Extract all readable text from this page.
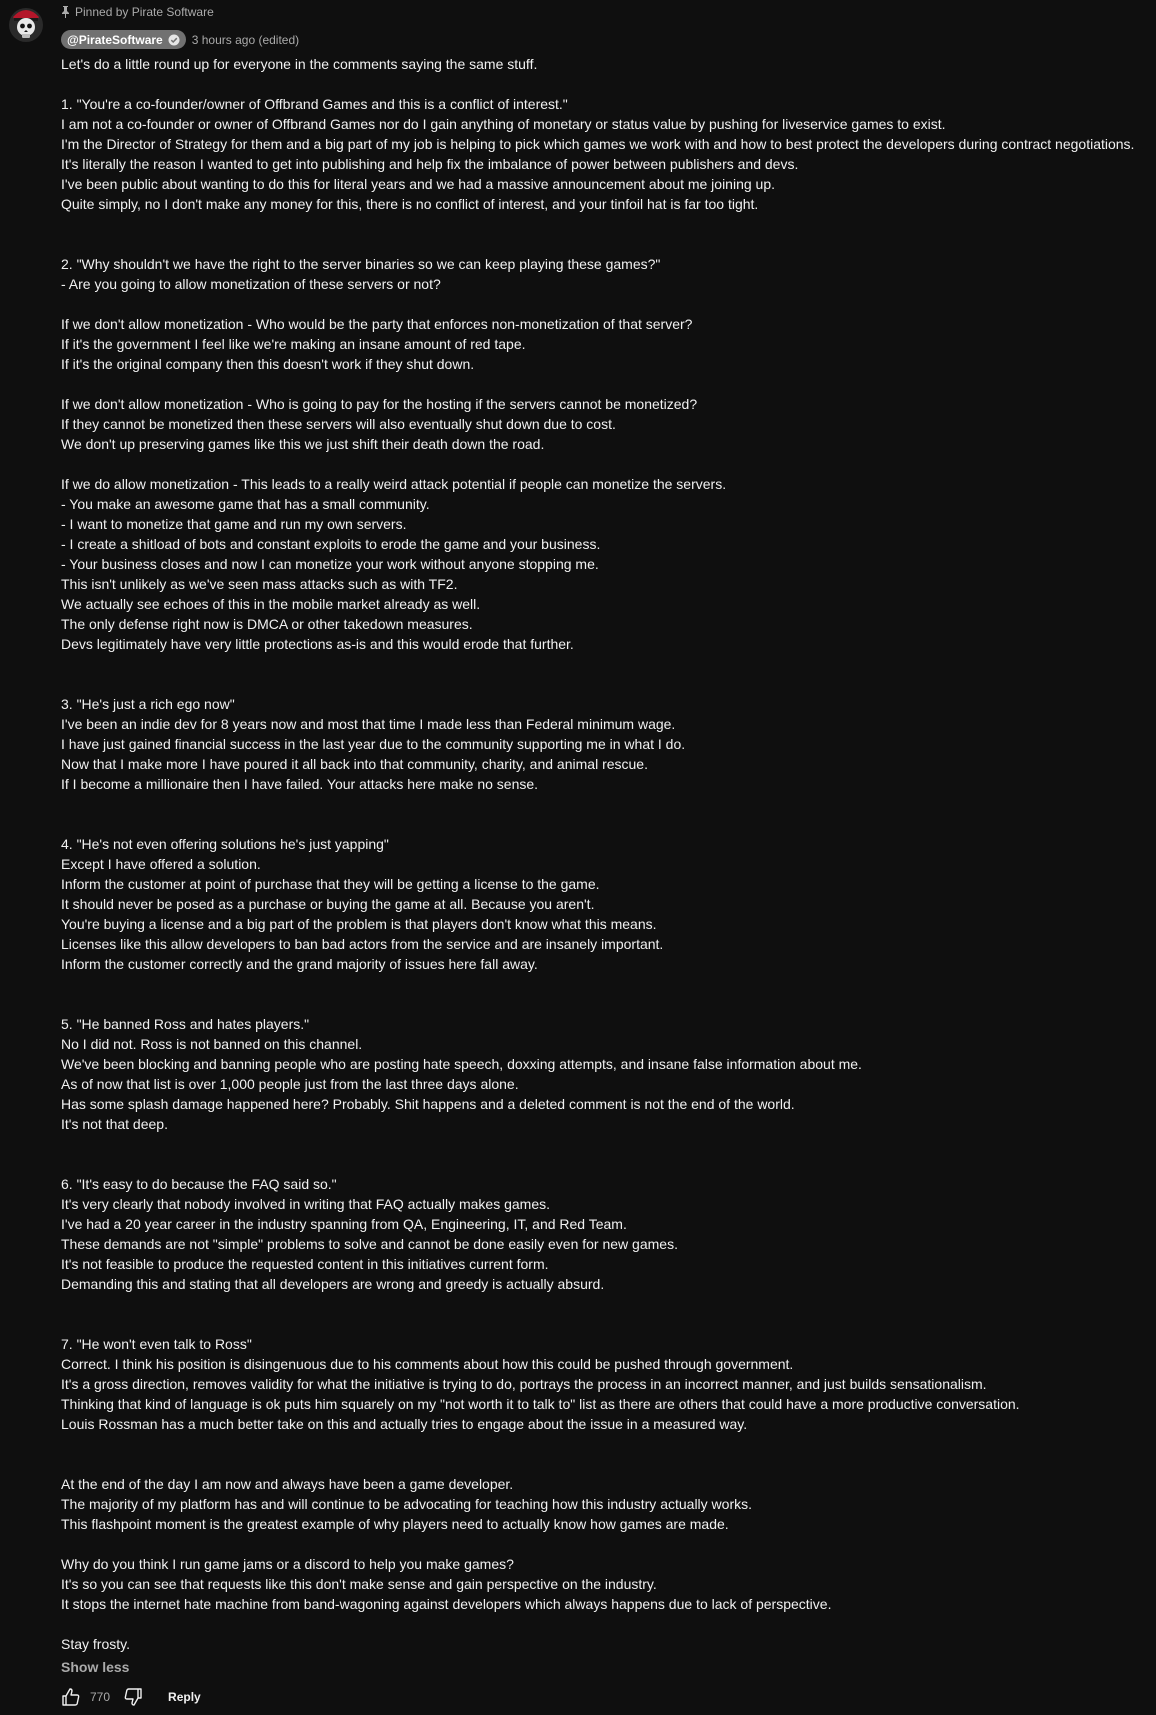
Pinned by Pirate Software
@PirateSoftware 3 hours ago (edited)
Let's do a little round up for everyone in the comments saying the same stuff.
1. "You're a co-founder/owner of Offbrand Games and this is a conflict of interest."
I am not a co-founder or owner of Offbrand Games nor do I gain anything of monetary or status value by pushing for liveservice games to exist.
I'm the Director of Strategy for them and a big part of my job is helping to pick which games we work with and how to best protect the developers during contract negotiations.
It's literally the reason I wanted to get into publishing and help fix the imbalance of power between publishers and devs.
I've been public about wanting to do this for literal years and we had a massive announcement about me joining up.
Quite simply, no I don't make any money for this, there is no conflict of interest, and your tinfoil hat is far too tight.
2. "Why shouldn't we have the right to the server binaries so we can keep playing these games?"
- Are you going to allow monetization of these servers or not?
If we don't allow monetization - Who would be the party that enforces non-monetization of that server?
If it's the government I feel like we're making an insane amount of red tape.
If it's the original company then this doesn't work if they shut down.
If we don't allow monetization - Who is going to pay for the hosting if the servers cannot be monetized?
If they cannot be monetized then these servers will also eventually shut down due to cost.
We don't up preserving games like this we just shift their death down the road.
If we do allow monetization - This leads to a really weird attack potential if people can monetize the servers.
- You make an awesome game that has a small community.
- I want to monetize that game and run my own servers.
- I create a shitload of bots and constant exploits to erode the game and your business.
- Your business closes and now I can monetize your work without anyone stopping me.
This isn't unlikely as we've seen mass attacks such as with TF2.
We actually see echoes of this in the mobile market already as well.
The only defense right now is DMCA or other takedown measures.
Devs legitimately have very little protections as-is and this would erode that further.
3. "He's just a rich ego now"
I've been an indie dev for 8 years now and most that time I made less than Federal minimum wage.
I have just gained financial success in the last year due to the community supporting me in what I do.
Now that I make more I have poured it all back into that community, charity, and animal rescue.
If I become a millionaire then I have failed. Your attacks here make no sense.
4. "He's not even offering solutions he's just yapping"
Except I have offered a solution.
Inform the customer at point of purchase that they will be getting a license to the game.
It should never be posed as a purchase or buying the game at all. Because you aren't.
You're buying a license and a big part of the problem is that players don't know what this means.
Licenses like this allow developers to ban bad actors from the service and are insanely important.
Inform the customer correctly and the grand majority of issues here fall away.
5. "He banned Ross and hates players."
No I did not. Ross is not banned on this channel.
We've been blocking and banning people who are posting hate speech, doxxing attempts, and insane false information about me.
As of now that list is over 1,000 people just from the last three days alone.
Has some splash damage happened here? Probably. Shit happens and a deleted comment is not the end of the world.
It's not that deep.
6. "It's easy to do because the FAQ said so."
It's very clearly that nobody involved in writing that FAQ actually makes games.
I've had a 20 year career in the industry spanning from QA, Engineering, IT, and Red Team.
These demands are not "simple" problems to solve and cannot be done easily even for new games.
It's not feasible to produce the requested content in this initiatives current form.
Demanding this and stating that all developers are wrong and greedy is actually absurd.
7. "He won't even talk to Ross"
Correct. I think his position is disingenuous due to his comments about how this could be pushed through government.
It's a gross direction, removes validity for what the initiative is trying to do, portrays the process in an incorrect manner, and just builds sensationalism.
Thinking that kind of language is ok puts him squarely on my "not worth it to talk to" list as there are others that could have a more productive conversation.
Louis Rossman has a much better take on this and actually tries to engage about the issue in a measured way.
At the end of the day I am now and always have been a game developer.
The majority of my platform has and will continue to be advocating for teaching how this industry actually works.
This flashpoint moment is the greatest example of why players need to actually know how games are made.
Why do you think I run game jams or a discord to help you make games?
It's so you can see that requests like this don't make sense and gain perspective on the industry.
It stops the internet hate machine from band-wagoning against developers which always happens due to lack of perspective.
Stay frosty.
Show less
770	Reply
